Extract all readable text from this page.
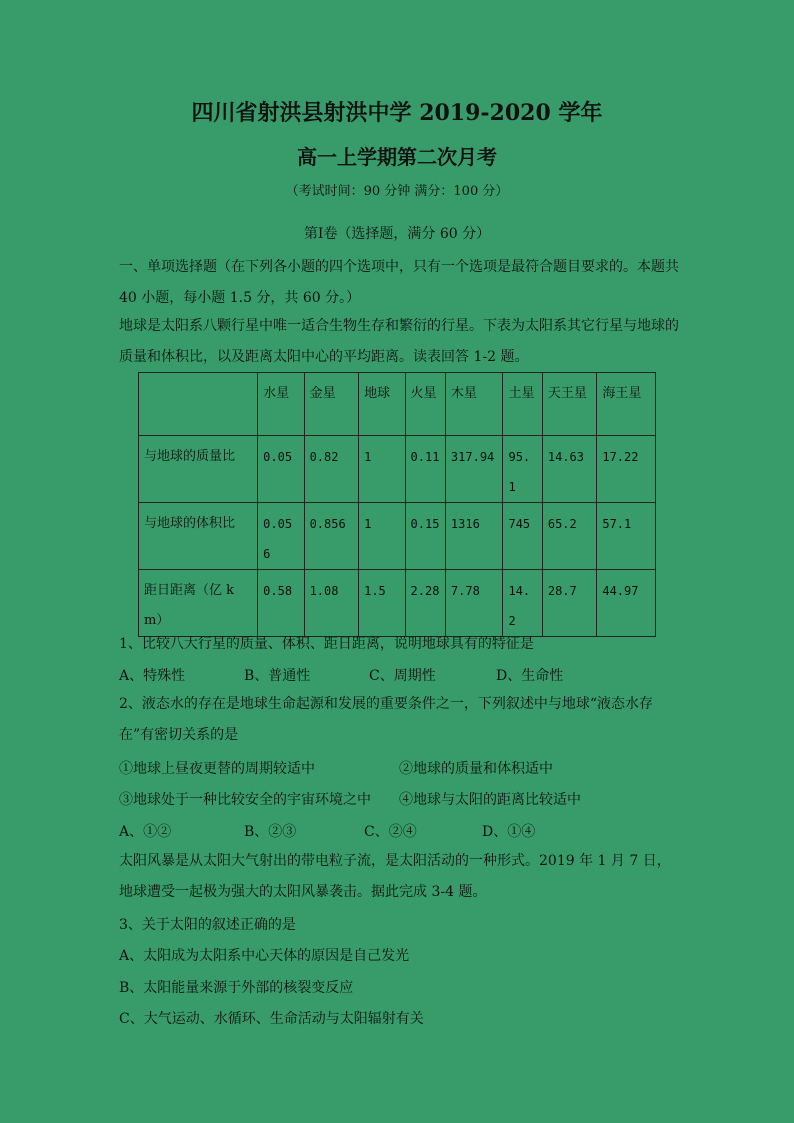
四川省射洪县射洪中学 2019-2020 学年
高一上学期第二次月考
（考试时间：90 分钟 满分：100 分）
第Ⅰ卷（选择题，满分 60 分）

一、单项选择题（在下列各小题的四个选项中，只有一个选项是最符合题目要求的。本题共 40 小题，每小题 1.5 分，共 60 分。）

地球是太阳系八颗行星中唯一适合生物生存和繁衍的行星。下表为太阳系其它行星与地球的质量和体积比，以及距离太阳中心的平均距离。读表回答 1-2 题。

	水星	金星	地球	火星	木星	土星	天王星	海王星
与地球的质量比	0.05	0.82	1	0.11	317.94	95.1	14.63	17.22
与地球的体积比	0.056	0.856	1	0.15	1316	745	65.2	57.1
距日距离（亿 km）	0.58	1.08	1.5	2.28	7.78	14.2	28.7	44.97

1、比较八大行星的质量、体积、距日距离，说明地球具有的特征是

A、特殊性	B、普通性	C、周期性	D、生命性

2、液态水的存在是地球生命起源和发展的重要条件之一，下列叙述中与地球“液态水存在”有密切关系的是

①地球上昼夜更替的周期较适中	②地球的质量和体积适中
③地球处于一种比较安全的宇宙环境之中 ④地球与太阳的距离比较适中
A、①②	B、②③	C、②④	D、①④

太阳风暴是从太阳大气射出的带电粒子流，是太阳活动的一种形式。2019 年 1 月 7 日，地球遭受一起极为强大的太阳风暴袭击。据此完成 3-4 题。

3、关于太阳的叙述正确的是

A、太阳成为太阳系中心天体的原因是自己发光

B、太阳能量来源于外部的核裂变反应

C、大气运动、水循环、生命活动与太阳辐射有关
